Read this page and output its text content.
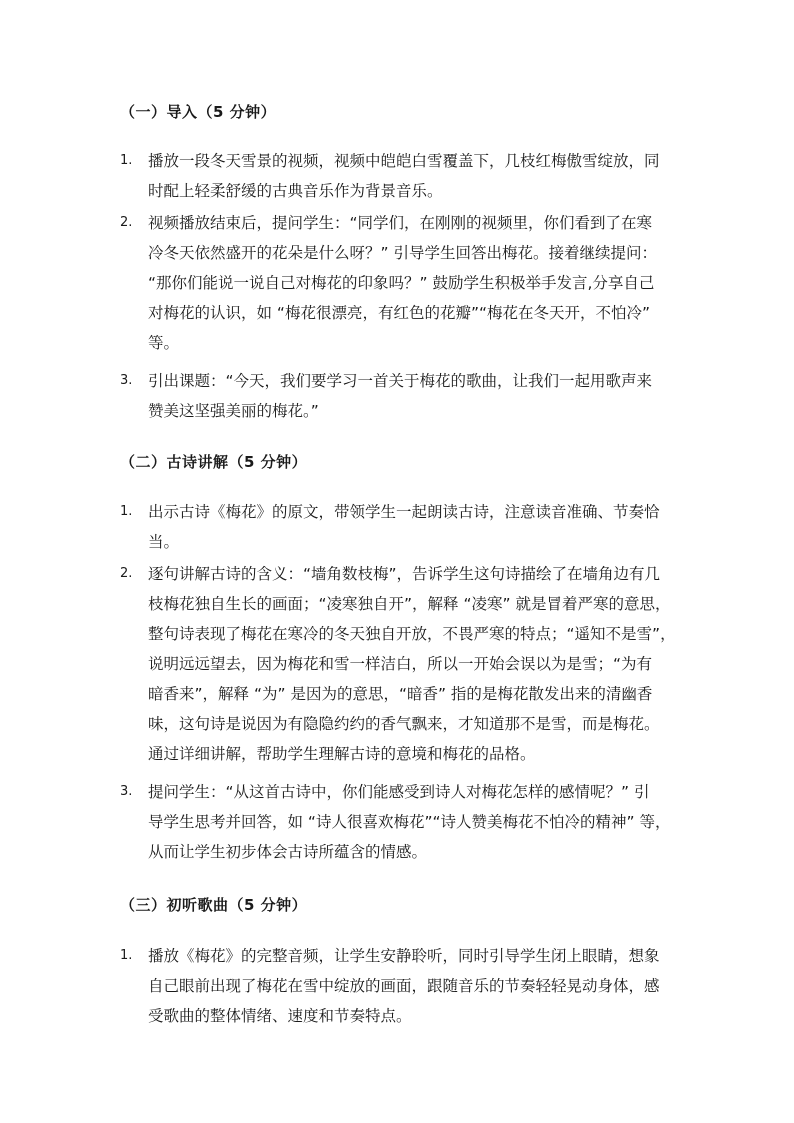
（一）导入（5 分钟）
1. 播放一段冬天雪景的视频，视频中皑皑白雪覆盖下，几枝红梅傲雪绽放，同
时配上轻柔舒缓的古典音乐作为背景音乐。
2. 视频播放结束后，提问学生：“同学们，在刚刚的视频里，你们看到了在寒
冷冬天依然盛开的花朵是什么呀？” 引导学生回答出梅花。接着继续提问：
“那你们能说一说自己对梅花的印象吗？” 鼓励学生积极举手发言,分享自己
对梅花的认识，如 “梅花很漂亮，有红色的花瓣”“梅花在冬天开，不怕冷”
等。
3. 引出课题：“今天，我们要学习一首关于梅花的歌曲，让我们一起用歌声来
赞美这坚强美丽的梅花。”
（二）古诗讲解（5 分钟）
1. 出示古诗《梅花》的原文，带领学生一起朗读古诗，注意读音准确、节奏恰
当。
2. 逐句讲解古诗的含义：“墙角数枝梅”，告诉学生这句诗描绘了在墙角边有几
枝梅花独自生长的画面；“凌寒独自开”，解释 “凌寒” 就是冒着严寒的意思，
整句诗表现了梅花在寒冷的冬天独自开放，不畏严寒的特点；“遥知不是雪”，
说明远远望去，因为梅花和雪一样洁白，所以一开始会误以为是雪；“为有
暗香来”，解释 “为” 是因为的意思，“暗香” 指的是梅花散发出来的清幽香
味，这句诗是说因为有隐隐约约的香气飘来，才知道那不是雪，而是梅花。
通过详细讲解，帮助学生理解古诗的意境和梅花的品格。
3. 提问学生：“从这首古诗中，你们能感受到诗人对梅花怎样的感情呢？” 引
导学生思考并回答，如 “诗人很喜欢梅花”“诗人赞美梅花不怕冷的精神” 等，
从而让学生初步体会古诗所蕴含的情感。
（三）初听歌曲（5 分钟）
1. 播放《梅花》的完整音频，让学生安静聆听，同时引导学生闭上眼睛，想象
自己眼前出现了梅花在雪中绽放的画面，跟随音乐的节奏轻轻晃动身体，感
受歌曲的整体情绪、速度和节奏特点。
